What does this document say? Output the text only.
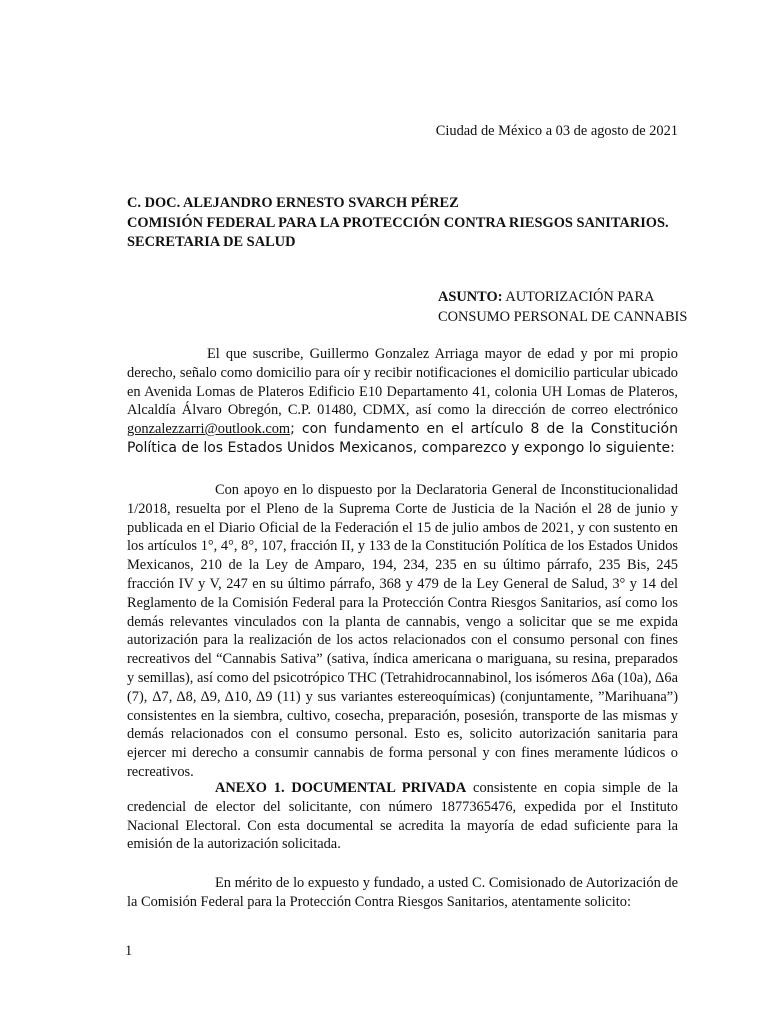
Ciudad de México a 03 de agosto de 2021
C. DOC. ALEJANDRO ERNESTO SVARCH PÉREZ
COMISIÓN FEDERAL PARA LA PROTECCIÓN CONTRA RIESGOS SANITARIOS.
SECRETARIA DE SALUD
ASUNTO: AUTORIZACIÓN PARA CONSUMO PERSONAL DE CANNABIS
El que suscribe, Guillermo Gonzalez Arriaga mayor de edad y por mi propio derecho, señalo como domicilio para oír y recibir notificaciones el domicilio particular ubicado en Avenida Lomas de Plateros Edificio E10 Departamento 41, colonia UH Lomas de Plateros, Alcaldía Álvaro Obregón, C.P. 01480, CDMX, así como la dirección de correo electrónico gonzalezzarri@outlook.com; con fundamento en el artículo 8 de la Constitución Política de los Estados Unidos Mexicanos, comparezco y expongo lo siguiente:
Con apoyo en lo dispuesto por la Declaratoria General de Inconstitucionalidad 1/2018, resuelta por el Pleno de la Suprema Corte de Justicia de la Nación el 28 de junio y publicada en el Diario Oficial de la Federación el 15 de julio ambos de 2021, y con sustento en los artículos 1°, 4°, 8°, 107, fracción II, y 133 de la Constitución Política de los Estados Unidos Mexicanos, 210 de la Ley de Amparo, 194, 234, 235 en su último párrafo, 235 Bis, 245 fracción IV y V, 247 en su último párrafo, 368 y 479 de la Ley General de Salud, 3° y 14 del Reglamento de la Comisión Federal para la Protección Contra Riesgos Sanitarios, así como los demás relevantes vinculados con la planta de cannabis, vengo a solicitar que se me expida autorización para la realización de los actos relacionados con el consumo personal con fines recreativos del “Cannabis Sativa” (sativa, índica americana o mariguana, su resina, preparados y semillas), así como del psicotrópico THC (Tetrahidrocannabinol, los isómeros Δ6a (10a), Δ6a (7), Δ7, Δ8, Δ9, Δ10, Δ9 (11) y sus variantes estereoquímicas) (conjuntamente, ”Marihuana”) consistentes en la siembra, cultivo, cosecha, preparación, posesión, transporte de las mismas y demás relacionados con el consumo personal. Esto es, solicito autorización sanitaria para ejercer mi derecho a consumir cannabis de forma personal y con fines meramente lúdicos o recreativos.
ANEXO 1. DOCUMENTAL PRIVADA consistente en copia simple de la credencial de elector del solicitante, con número 1877365476, expedida por el Instituto Nacional Electoral. Con esta documental se acredita la mayoría de edad suficiente para la emisión de la autorización solicitada.
En mérito de lo expuesto y fundado, a usted C. Comisionado de Autorización de la Comisión Federal para la Protección Contra Riesgos Sanitarios, atentamente solicito:
1
